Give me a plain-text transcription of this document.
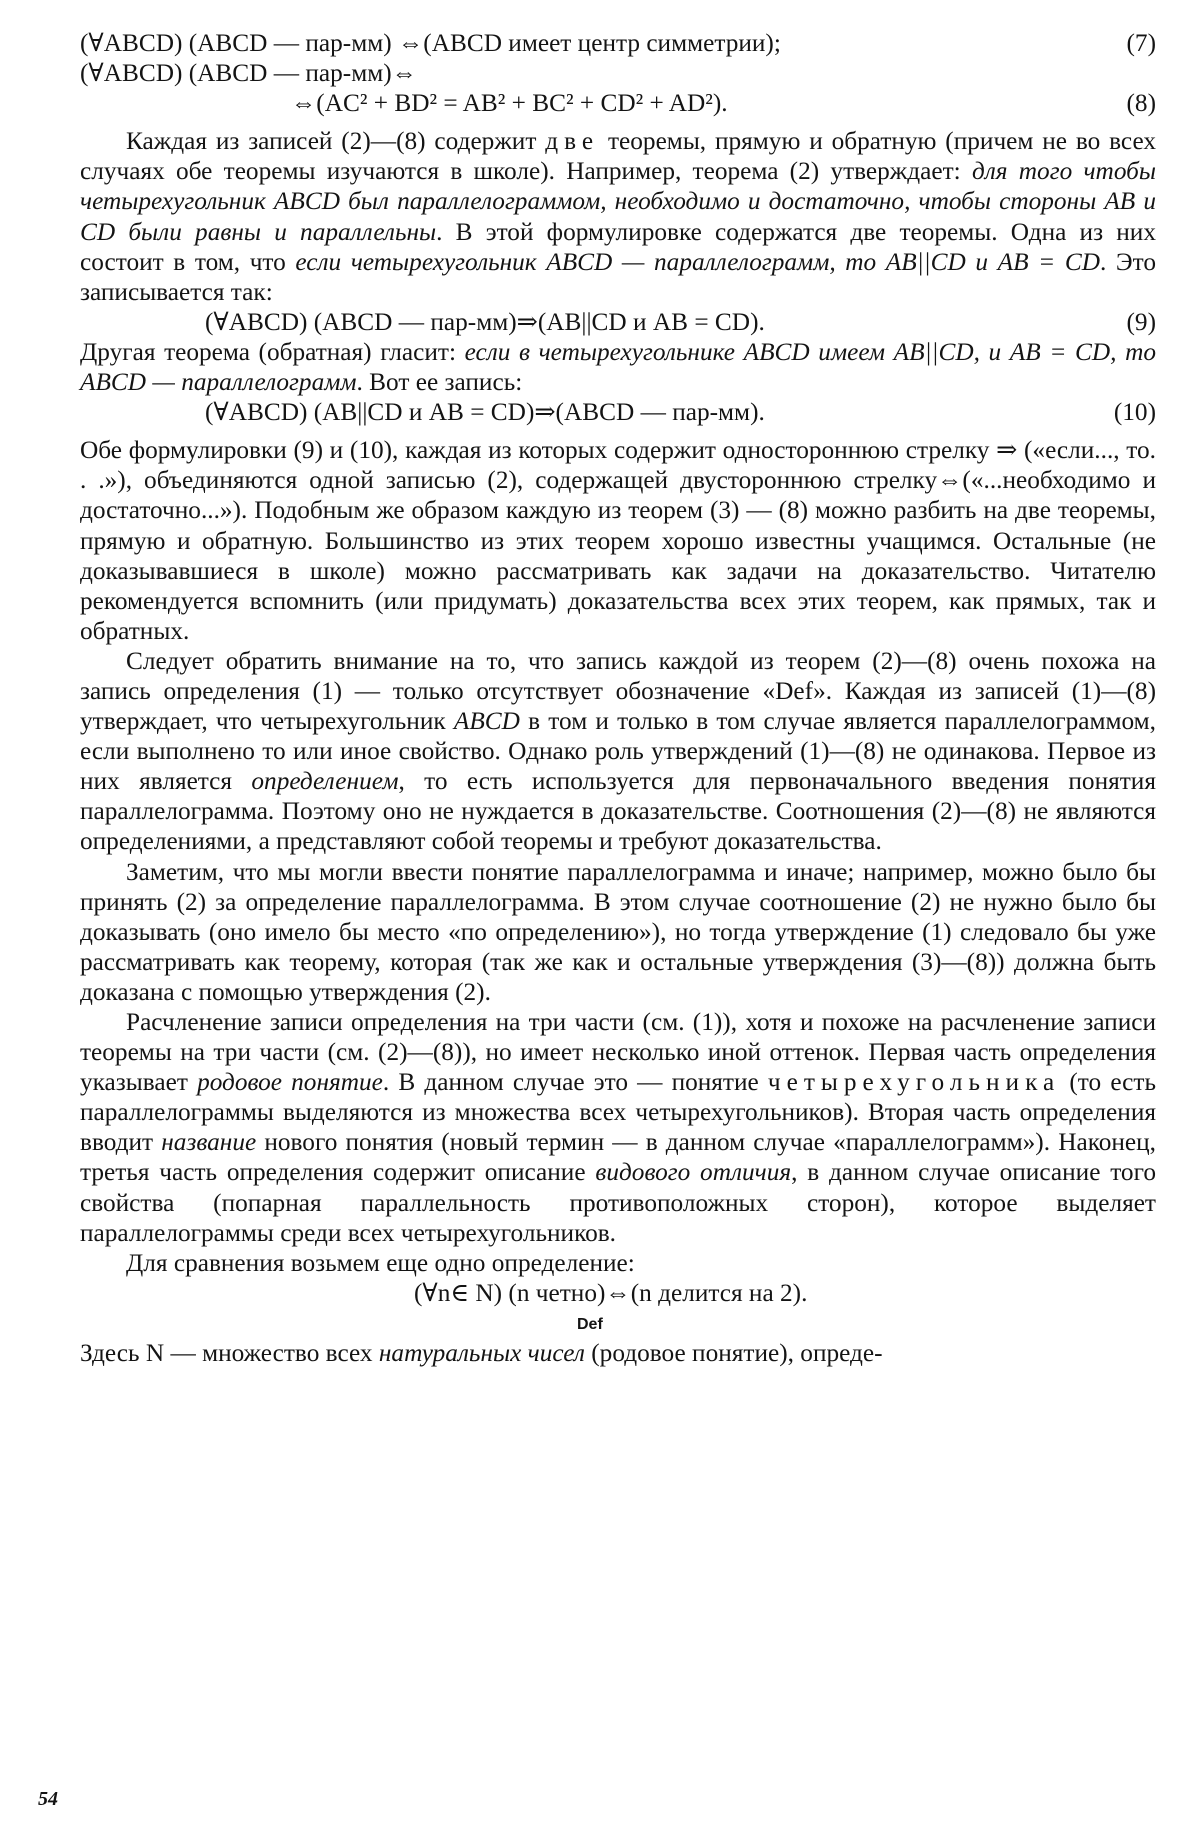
(∀ABCD) (ABCD — пар-мм) ⇔(ABCD имеет центр симметрии);	(7)
(∀ABCD) (ABCD — пар-мм)⇔
⇔(AC² + BD² = AB² + BC² + CD² + AD²).	(8)

Каждая из записей (2)—(8) содержит две теоремы, прямую и обратную (причем не во всех случаях обе теоремы изучаются в школе). Например, теорема (2) утверждает: для того чтобы четырехугольник ABCD был параллелограммом, необходимо и достаточно, чтобы стороны AB и CD были равны и параллельны. В этой формулировке содержатся две теоремы. Одна из них состоит в том, что если четырехугольник ABCD — параллелограмм, то AB||CD и AB = CD. Это записывается так:

(∀ABCD) (ABCD — пар-мм)⇒(AB||CD и AB = CD).	(9)

Другая теорема (обратная) гласит: если в четырехугольнике ABCD имеем AB||CD, и AB = CD, то ABCD — параллелограмм. Вот ее запись:

(∀ABCD) (AB||CD и AB = CD)⇒(ABCD — пар-мм).	(10)

Обе формулировки (9) и (10), каждая из которых содержит одностороннюю стрелку ⇒ («если..., то. . .»), объединяются одной записью (2), содержащей двустороннюю стрелку⇔(«...необходимо и достаточно...»). Подобным же образом каждую из теорем (3) — (8) можно разбить на две теоремы, прямую и обратную. Большинство из этих теорем хорошо известны учащимся. Остальные (не доказывавшиеся в школе) можно рассматривать как задачи на доказательство. Читателю рекомендуется вспомнить (или придумать) доказательства всех этих теорем, как прямых, так и обратных.

Следует обратить внимание на то, что запись каждой из теорем (2)—(8) очень похожа на запись определения (1) — только отсутствует обозначение «Def». Каждая из записей (1)—(8) утверждает, что четырехугольник ABCD в том и только в том случае является параллелограммом, если выполнено то или иное свойство. Однако роль утверждений (1)—(8) не одинакова. Первое из них является определением, то есть используется для первоначального введения понятия параллелограмма. Поэтому оно не нуждается в доказательстве. Соотношения (2)—(8) не являются определениями, а представляют собой теоремы и требуют доказательства.

Заметим, что мы могли ввести понятие параллелограмма и иначе; например, можно было бы принять (2) за определение параллелограмма. В этом случае соотношение (2) не нужно было бы доказывать (оно имело бы место «по определению»), но тогда утверждение (1) следовало бы уже рассматривать как теорему, которая (так же как и остальные утверждения (3)—(8)) должна быть доказана с помощью утверждения (2).

Расчленение записи определения на три части (см. (1)), хотя и похоже на расчленение записи теоремы на три части (см. (2)—(8)), но имеет несколько иной оттенок. Первая часть определения указывает родовое понятие. В данном случае это — понятие четырехугольника (то есть параллелограммы выделяются из множества всех четырехугольников). Вторая часть определения вводит название нового понятия (новый термин — в данном случае «параллелограмм»). Наконец, третья часть определения содержит описание видового отличия, в данном случае описание того свойства (попарная параллельность противоположных сторон), которое выделяет параллелограммы среди всех четырехугольников.

Для сравнения возьмем еще одно определение:

(∀n∈ N) (n четно)⇔(n делится на 2).
Def

Здесь N — множество всех натуральных чисел (родовое понятие), опреде-

54
